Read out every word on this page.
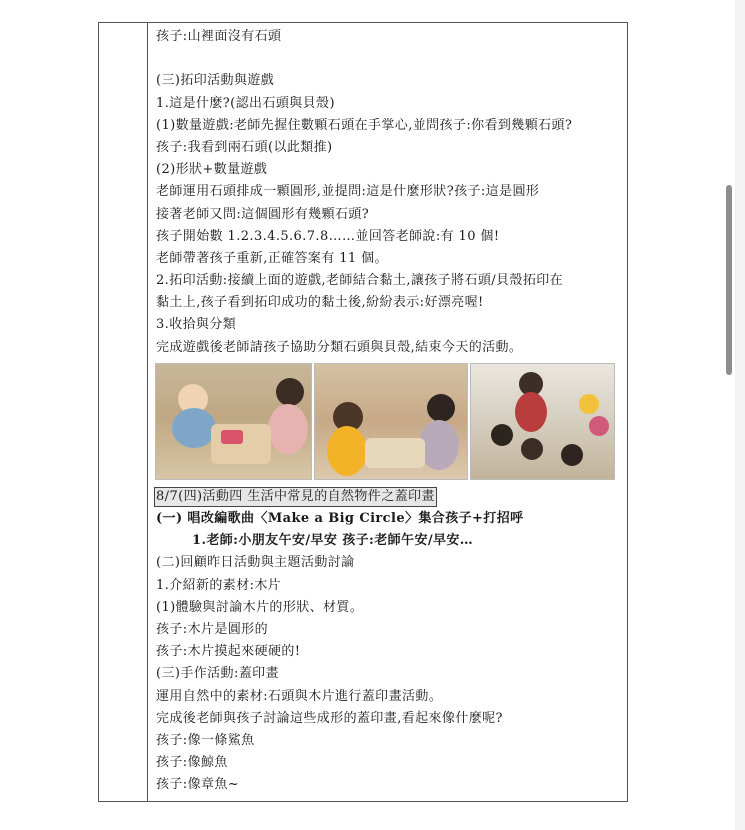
孩子:山裡面沒有石頭
(三)拓印活動與遊戲
1.這是什麼?(認出石頭與貝殼)
(1)數量遊戲:老師先握住數顆石頭在手掌心,並問孩子:你看到幾顆石頭?
孩子:我看到兩石頭(以此類推)
(2)形狀+數量遊戲
老師運用石頭排成一顆圓形,並提問:這是什麼形狀?孩子:這是圓形
接著老師又問:這個圓形有幾顆石頭?
孩子開始數 1.2.3.4.5.6.7.8……並回答老師說:有 10 個!
老師帶著孩子重新,正確答案有 11 個。
2.拓印活動:接續上面的遊戲,老師結合黏土,讓孩子將石頭/貝殼拓印在
黏土上,孩子看到拓印成功的黏土後,紛紛表示:好漂亮喔!
3.收拾與分類
完成遊戲後老師請孩子協助分類石頭與貝殼,結束今天的活動。
8/7(四)活動四 生活中常見的自然物件之蓋印畫
(一) 唱改編歌曲〈Make a Big Circle〉集合孩子+打招呼
1.老師:小朋友午安/早安 孩子:老師午安/早安…
(二)回顧昨日活動與主題活動討論
1.介紹新的素材:木片
(1)體驗與討論木片的形狀、材質。
孩子:木片是圓形的
孩子:木片摸起來硬硬的!
(三)手作活動:蓋印畫
運用自然中的素材:石頭與木片進行蓋印畫活動。
完成後老師與孩子討論這些成形的蓋印畫,看起來像什麼呢?
孩子:像一條鯊魚
孩子:像鯨魚
孩子:像章魚~
